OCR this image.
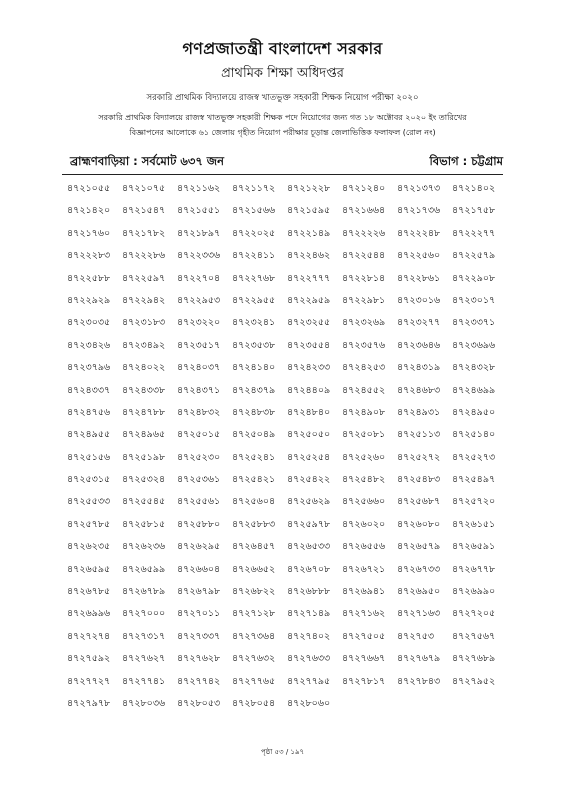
গণপ্রজাতন্ত্রী বাংলাদেশ সরকার
প্রাথমিক শিক্ষা অধিদপ্তর
সরকারি প্রাথমিক বিদ্যালয়ে রাজস্ব খাতভুক্ত সহকারী শিক্ষক নিয়োগ পরীক্ষা ২০২০
সরকারি প্রাথমিক বিদ্যালয়ে রাজস্ব খাতভুক্ত সহকারী শিক্ষক পদে নিয়োগের জন্য গত ১৮ অক্টোবর ২০২০ ইং তারিখের
বিজ্ঞাপনের আলোকে ৬১ জেলায় গৃহীত নিয়োগ পরীক্ষার চূড়ান্ত জেলাভিত্তিক ফলাফল (রোল নং)
ব্রাহ্মণবাড়িয়া : সর্বমোট ৬৩৭ জন	বিভাগ : চট্টগ্রাম
৪৭২১০৫৫	৪৭২১০৭৫	৪৭২১১৬২	৪৭২১১৭২	৪৭২১২২৮	৪৭২১২৪০	৪৭২১৩৭৩	৪৭২১৪০২
৪৭২১৪২০	৪৭২১৫৪৭	৪৭২১৫৫১	৪৭২১৫৬৬	৪৭২১৫৯৫	৪৭২১৬৬৪	৪৭২১৭৩৬	৪৭২১৭৫৮
৪৭২১৭৬০	৪৭২১৭৮২	৪৭২১৮৯৭	৪৭২২০২৫	৪৭২২১৪৯	৪৭২২২২৬	৪৭২২২৪৮	৪৭২২২৭৭
৪৭২২২৮৩	৪৭২২২৮৬	৪৭২২৩৩৬	৪৭২২৪১১	৪৭২২৪৬২	৪৭২২৫৪৪	৪৭২২৫৬০	৪৭২২৫৭৯
৪৭২২৫৮৮	৪৭২২৫৯৭	৪৭২২৭০৪	৪৭২২৭৬৮	৪৭২২৭৭৭	৪৭২২৮১৪	৪৭২২৮৬১	৪৭২২৯০৮
৪৭২২৯২৯	৪৭২২৯৪২	৪৭২২৯৫৩	৪৭২২৯৫৫	৪৭২২৯৫৯	৪৭২২৯৮১	৪৭২৩০১৬	৪৭২৩০১৭
৪৭২৩০৩৫	৪৭২৩১৮৩	৪৭২৩২২০	৪৭২৩২৪১	৪৭২৩২৫৫	৪৭২৩২৬৯	৪৭২৩২৭৭	৪৭২৩৩৭১
৪৭২৩৪২৬	৪৭২৩৪৯২	৪৭২৩৫১৭	৪৭২৩৫৩৮	৪৭২৩৫৫৪	৪৭২৩৫৭৬	৪৭২৩৬৪৬	৪৭২৩৬৯৬
৪৭২৩৭৯৬	৪৭২৪০২২	৪৭২৪০৩৭	৪৭২৪১৪০	৪৭২৪২৩৩	৪৭২৪২৫৩	৪৭২৪৩১৯	৪৭২৪৩২৮
৪৭২৪৩৩৭	৪৭২৪৩৩৮	৪৭২৪৩৭১	৪৭২৪৩৭৯	৪৭২৪৪০৯	৪৭২৪৫৫২	৪৭২৪৬৮৩	৪৭২৪৬৯৯
৪৭২৪৭৫৬	৪৭২৪৭৮৮	৪৭২৪৮৩২	৪৭২৪৮৩৮	৪৭২৪৮৪০	৪৭২৪৯০৮	৪৭২৪৯৩১	৪৭২৪৯৫০
৪৭২৪৯৫৫	৪৭২৪৯৬৫	৪৭২৫০১৫	৪৭২৫০৪৯	৪৭২৫০৫০	৪৭২৫০৮১	৪৭২৫১১৩	৪৭২৫১৪০
৪৭২৫১৫৬	৪৭২৫১৯৮	৪৭২৫২৩০	৪৭২৫২৪১	৪৭২৫২৫৪	৪৭২৫২৬০	৪৭২৫২৭২	৪৭২৫২৭৩
৪৭২৫৩১৫	৪৭২৫৩২৪	৪৭২৫৩৬১	৪৭২৫৪২১	৪৭২৫৪২২	৪৭২৫৪৮২	৪৭২৫৪৮৩	৪৭২৫৪৯৭
৪৭২৫৫৩৩	৪৭২৫৫৪৫	৪৭২৫৫৬১	৪৭২৫৬০৪	৪৭২৫৬২৯	৪৭২৫৬৬০	৪৭২৫৬৮৭	৪৭২৫৭২০
৪৭২৫৭৮৫	৪৭২৫৮১৫	৪৭২৫৮৮০	৪৭২৫৮৮৩	৪৭২৫৯৭৮	৪৭২৬০২০	৪৭২৬০৮০	৪৭২৬১৫১
৪৭২৬২৩৫	৪৭২৬২৩৬	৪৭২৬২৯৫	৪৭২৬৪৫৭	৪৭২৬৫৩৩	৪৭২৬৫৫৬	৪৭২৬৫৭৯	৪৭২৬৫৯১
৪৭২৬৫৯৫	৪৭২৬৫৯৯	৪৭২৬৬০৪	৪৭২৬৬৫২	৪৭২৬৭০৮	৪৭২৬৭২১	৪৭২৬৭৩৩	৪৭২৬৭৭৮
৪৭২৬৭৮৫	৪৭২৬৭৮৯	৪৭২৬৭৯৮	৪৭২৬৮২২	৪৭২৬৮৮৮	৪৭২৬৯৪১	৪৭২৬৯৫০	৪৭২৬৯৯০
৪৭২৬৯৯৬	৪৭২৭০০০	৪৭২৭০১১	৪৭২৭১২৮	৪৭২৭১৪৯	৪৭২৭১৬২	৪৭২৭১৬৩	৪৭২৭২০৫
৪৭২৭২৭৪	৪৭২৭৩১৭	৪৭২৭৩৩৭	৪৭২৭৩৬৪	৪৭২৭৪০২	৪৭২৭৫০৫	৪৭২৭৫৩	৪৭২৭৫৬৭
৪৭২৭৫৯২	৪৭২৭৬২৭	৪৭২৭৬২৮	৪৭২৭৬৩২	৪৭২৭৬৩৩	৪৭২৭৬৬৭	৪৭২৭৬৭৯	৪৭২৭৬৮৯
৪৭২৭৭২৭	৪৭২৭৭৪১	৪৭২৭৭৪২	৪৭২৭৭৬৫	৪৭২৭৭৯৫	৪৭২৭৮১৭	৪৭২৭৮৪৩	৪৭২৭৯৫২
৪৭২৭৯৭৮	৪৭২৮০৩৬	৪৭২৮০৫৩	৪৭২৮০৫৪	৪৭২৮০৬০
পৃষ্ঠা ৫৩ / ১৯৭
